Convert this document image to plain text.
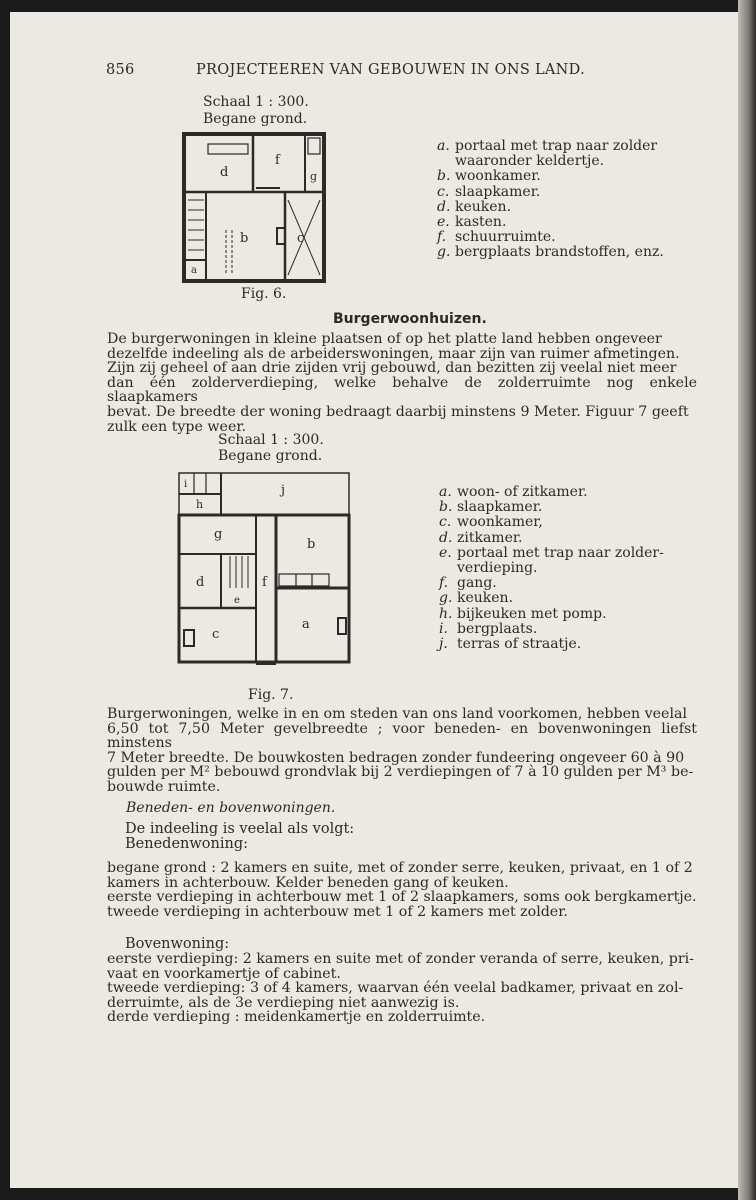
856	PROJECTEEREN VAN GEBOUWEN IN ONS LAND.
Schaal 1 : 300.
Begane grond.
d
f
g
b	c
a
Fig. 6.
a. portaal met trap naar zolder
waaronder keldertje.
b. woonkamer.
c. slaapkamer.
d. keuken.
e. kasten.
f. schuurruimte.
g. bergplaats brandstoffen, enz.
Burgerwoonhuizen.
De burgerwoningen in kleine plaatsen of op het platte land hebben ongeveer
dezelfde indeeling als de arbeiderswoningen, maar zijn van ruimer afmetingen.
Zijn zij geheel of aan drie zijden vrij gebouwd, dan bezitten zij veelal niet meer
dan één zolderverdieping, welke behalve de zolderruimte nog enkele slaapkamers
bevat. De breedte der woning bedraagt daarbij minstens 9 Meter. Figuur 7 geeft
zulk een type weer.
Schaal 1 : 300.
Begane grond.
i
h
j
g
b
d	f
e
c
a
Fig. 7.
a. woon- of zitkamer.
b. slaapkamer.
c. woonkamer,
d. zitkamer.
e. portaal met trap naar zolder-
verdieping.
f. gang.
g. keuken.
h. bijkeuken met pomp.
i. bergplaats.
j. terras of straatje.
Burgerwoningen, welke in en om steden van ons land voorkomen, hebben veelal
6,50 tot 7,50 Meter gevelbreedte ; voor beneden- en bovenwoningen liefst minstens
7 Meter breedte. De bouwkosten bedragen zonder fundeering ongeveer 60 à 90
gulden per M² bebouwd grondvlak bij 2 verdiepingen of 7 à 10 gulden per M³ be-
bouwde ruimte.
Beneden- en bovenwoningen.
De indeeling is veelal als volgt:
Benedenwoning:
begane grond : 2 kamers en suite, met of zonder serre, keuken, privaat, en 1 of 2
kamers in achterbouw. Kelder beneden gang of keuken.
eerste verdieping in achterbouw met 1 of 2 slaapkamers, soms ook bergkamertje.
tweede verdieping in achterbouw met 1 of 2 kamers met zolder.
Bovenwoning:
eerste verdieping: 2 kamers en suite met of zonder veranda of serre, keuken, pri-
vaat en voorkamertje of cabinet.
tweede verdieping: 3 of 4 kamers, waarvan één veelal badkamer, privaat en zol-
derruimte, als de 3e verdieping niet aanwezig is.
derde verdieping : meidenkamertje en zolderruimte.
